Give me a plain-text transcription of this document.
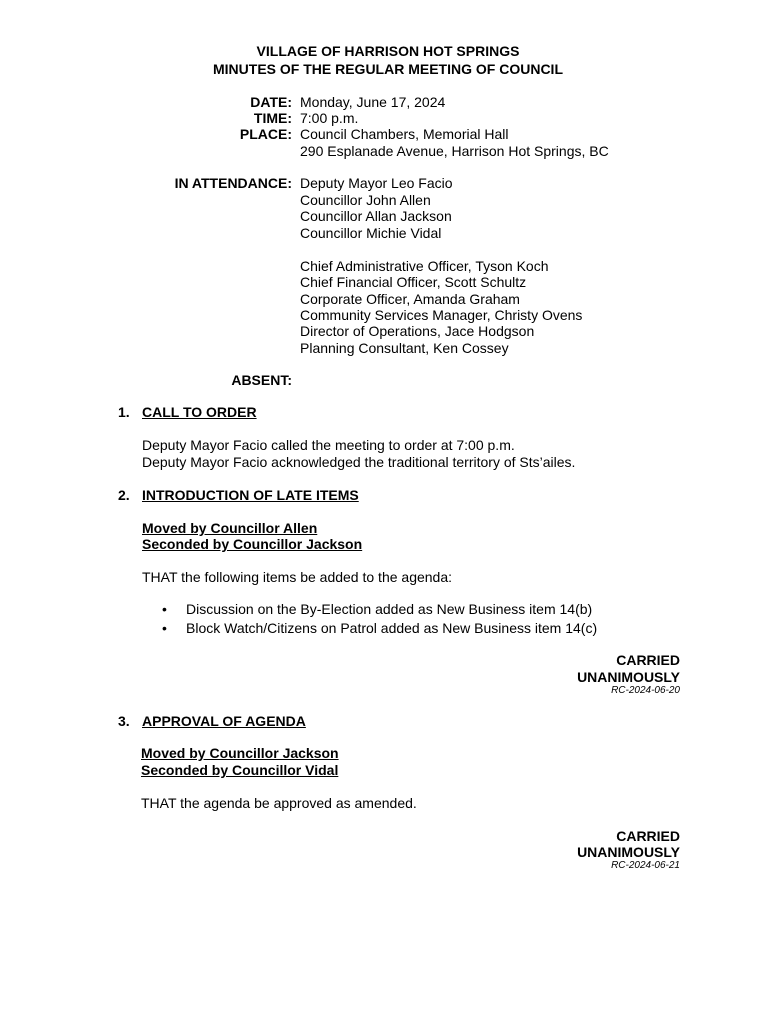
VILLAGE OF HARRISON HOT SPRINGS
MINUTES OF THE REGULAR MEETING OF COUNCIL
DATE: Monday, June 17, 2024
TIME: 7:00 p.m.
PLACE: Council Chambers, Memorial Hall
290 Esplanade Avenue, Harrison Hot Springs, BC
IN ATTENDANCE: Deputy Mayor Leo Facio
Councillor John Allen
Councillor Allan Jackson
Councillor Michie Vidal
Chief Administrative Officer, Tyson Koch
Chief Financial Officer, Scott Schultz
Corporate Officer, Amanda Graham
Community Services Manager, Christy Ovens
Director of Operations, Jace Hodgson
Planning Consultant, Ken Cossey
ABSENT:
1. CALL TO ORDER
Deputy Mayor Facio called the meeting to order at 7:00 p.m.
Deputy Mayor Facio acknowledged the traditional territory of Sts’ailes.
2. INTRODUCTION OF LATE ITEMS
Moved by Councillor Allen
Seconded by Councillor Jackson
THAT the following items be added to the agenda:
• Discussion on the By-Election added as New Business item 14(b)
• Block Watch/Citizens on Patrol added as New Business item 14(c)
CARRIED
UNANIMOUSLY
RC-2024-06-20
3. APPROVAL OF AGENDA
Moved by Councillor Jackson
Seconded by Councillor Vidal
THAT the agenda be approved as amended.
CARRIED
UNANIMOUSLY
RC-2024-06-21
